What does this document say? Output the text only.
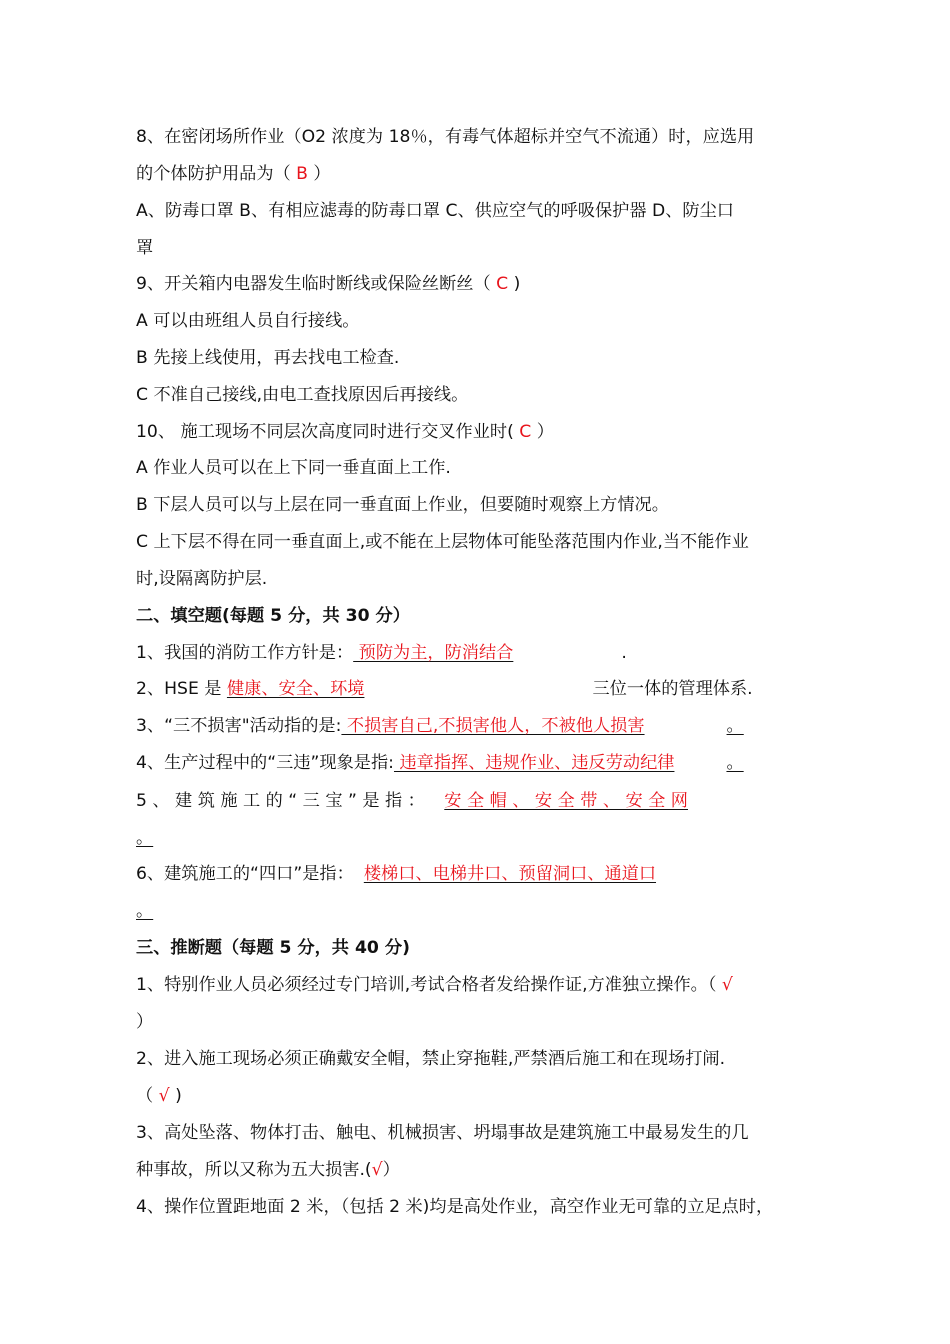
8、在密闭场所作业（O2 浓度为 18％，有毒气体超标并空气不流通）时，应选用
的个体防护用品为（ B ）
A、防毒口罩 B、有相应滤毒的防毒口罩 C、供应空气的呼吸保护器 D、防尘口
罩
9、开关箱内电器发生临时断线或保险丝断丝（ C )
A 可以由班组人员自行接线。
B 先接上线使用，再去找电工检查.
C 不准自己接线,由电工查找原因后再接线。
10、 施工现场不同层次高度同时进行交叉作业时( C ）
A 作业人员可以在上下同一垂直面上工作.
B 下层人员可以与上层在同一垂直面上作业，但要随时观察上方情况。
C 上下层不得在同一垂直面上,或不能在上层物体可能坠落范围内作业,当不能作业
时,设隔离防护层.
二、填空题(每题 5 分，共 30 分）
1、我国的消防工作方针是： 预防为主，防消结合	.
2、HSE 是 健康、安全、环境	三位一体的管理体系.
3、“三不损害"活动指的是: 不损害自己,不损害他人，不被他人损害	。
4、生产过程中的“三违”现象是指: 违章指挥、违规作业、违反劳动纪律	。
5 、 建 筑 施 工 的 “ 三 宝 ” 是 指 ： 安 全 帽 、 安 全 带 、 安 全 网
。
6、建筑施工的“四口”是指： 楼梯口、电梯井口、预留洞口、通道口
。
三、推断题（每题 5 分，共 40 分)
1、特别作业人员必须经过专门培训,考试合格者发给操作证,方准独立操作。（ √
）
2、进入施工现场必须正确戴安全帽，禁止穿拖鞋,严禁酒后施工和在现场打闹.
（ √ )
3、高处坠落、物体打击、触电、机械损害、坍塌事故是建筑施工中最易发生的几
种事故，所以又称为五大损害.(√）
4、操作位置距地面 2 米，（包括 2 米)均是高处作业，高空作业无可靠的立足点时，
